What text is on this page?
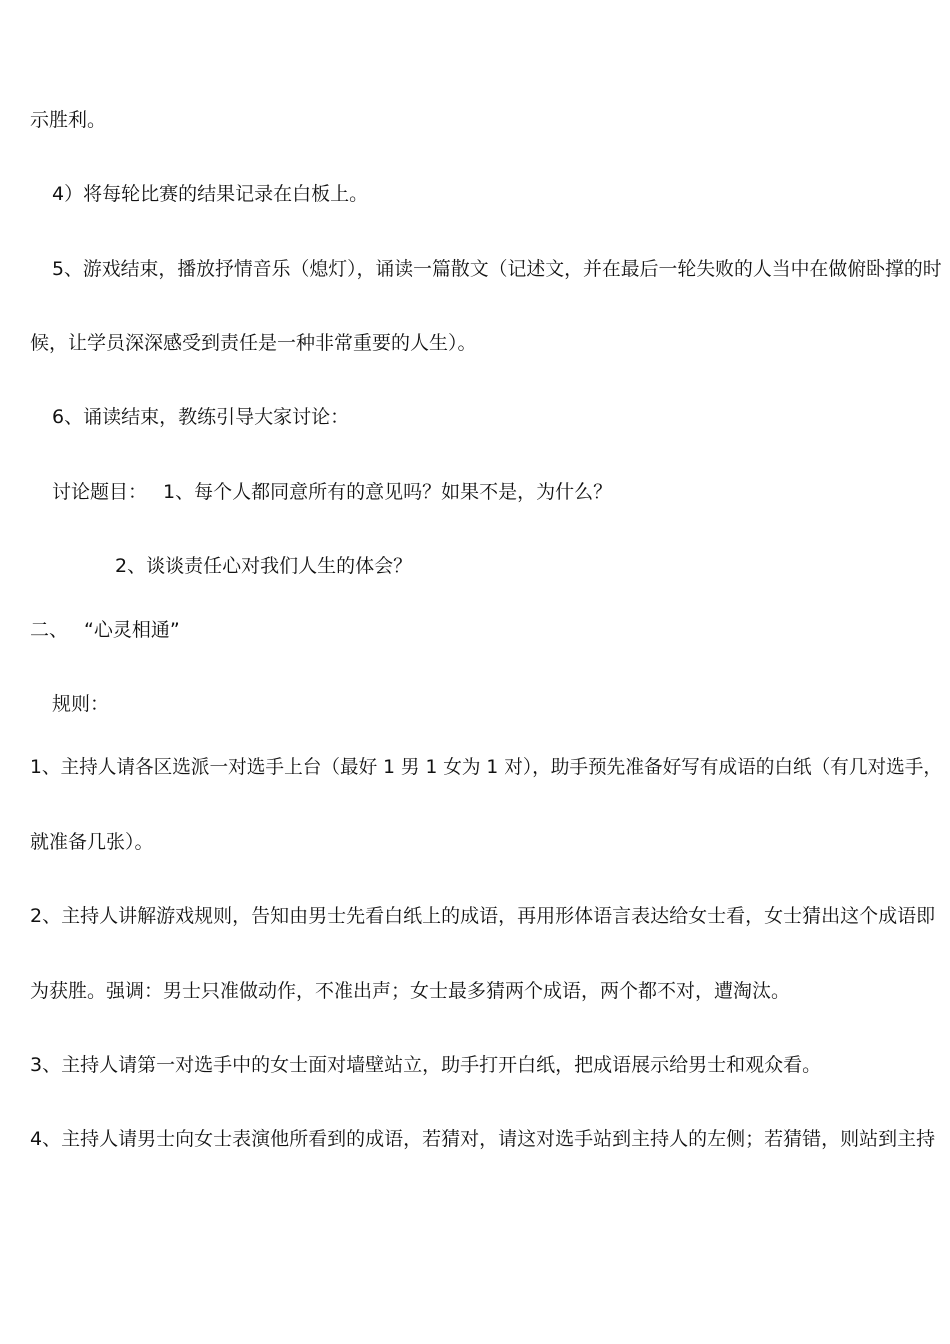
示胜利。
4）将每轮比赛的结果记录在白板上。
5、游戏结束，播放抒情音乐（熄灯），诵读一篇散文（记述文，并在最后一轮失败的人当中在做俯卧撑的时
候，让学员深深感受到责任是一种非常重要的人生）。
6、诵读结束，教练引导大家讨论：
讨论题目： 1、每个人都同意所有的意见吗？如果不是，为什么？
2、谈谈责任心对我们人生的体会？
二、 “心灵相通”
规则：
1、主持人请各区选派一对选手上台（最好 1 男 1 女为 1 对），助手预先准备好写有成语的白纸（有几对选手，
就准备几张）。
2、主持人讲解游戏规则，告知由男士先看白纸上的成语，再用形体语言表达给女士看，女士猜出这个成语即
为获胜。强调：男士只准做动作，不准出声；女士最多猜两个成语，两个都不对，遭淘汰。
3、主持人请第一对选手中的女士面对墙壁站立，助手打开白纸，把成语展示给男士和观众看。
4、主持人请男士向女士表演他所看到的成语，若猜对，请这对选手站到主持人的左侧；若猜错，则站到主持
